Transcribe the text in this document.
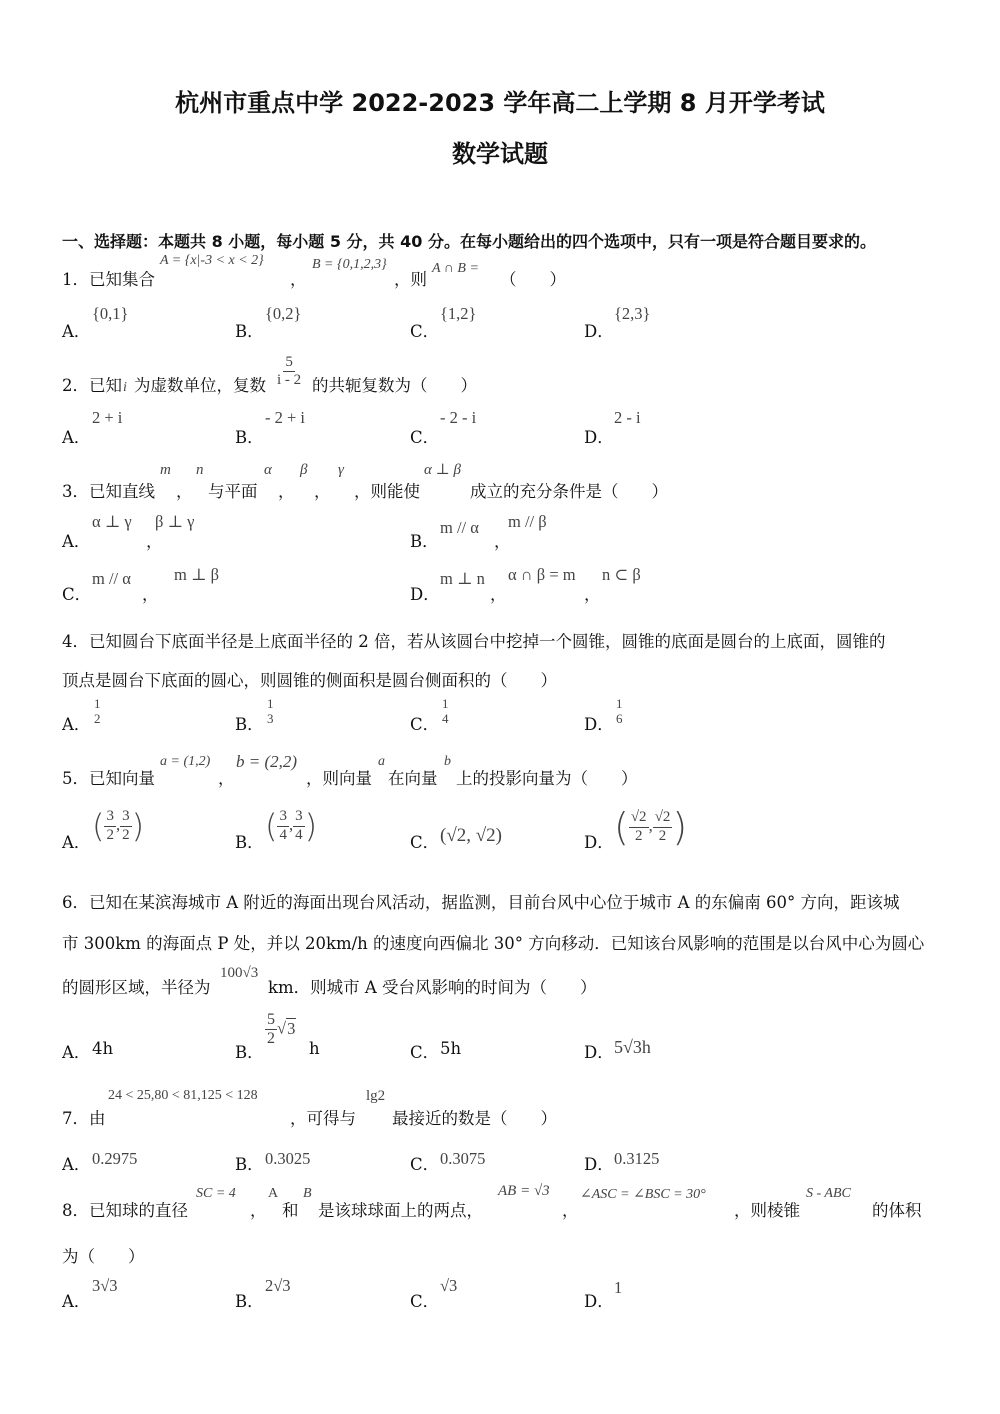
杭州市重点中学 2022-2023 学年高二上学期 8 月开学考试
数学试题
一、选择题：本题共 8 小题，每小题 5 分，共 40 分。在每小题给出的四个选项中，只有一项是符合题目要求的。
1．已知集合
A = {x|-3 < x < 2}
，
B = {0,1,2,3}
，则
A ∩ B =
（　　）
A．
{0,1}
B．
{0,2}
C．
{1,2}
D．
{2,3}
2．已知 i 为虚数单位，复数 $\frac{5}{i - 2}$ 的共轭复数为（　　）
A．
2 + i
B．
- 2 + i
C．
- 2 - i
D．
2 - i
3．已知直线
m
，
n
与平面
α
，
β
，
γ
，则能使
α ⊥ β
成立的充分条件是（　　）
A．
α ⊥ γ
，
β ⊥ γ
B．
m // α
，
m // β
C．
m // α
，
m ⊥ β
D．
m ⊥ n
，
α ∩ β = m
，
n ⊂ β
4．已知圆台下底面半径是上底面半径的 2 倍，若从该圆台中挖掉一个圆锥，圆锥的底面是圆台的上底面，圆锥的
顶点是圆台下底面的圆心，则圆锥的侧面积是圆台侧面积的（　　）
A．
1
2	B．
1
3	C．
1
4	D．
1
6
5．已知向量
a = (1,2)
，
b = (2,2)
，则向量
a
在向量
b
上的投影向量为（　　）
A． ( $\frac{3}{2}$ , $\frac{3}{2}$ )	B． ( $\frac{3}{4}$ , $\frac{3}{4}$ )	C． (√2, √2)	D． ( $\frac{√2}{2}$ , $\frac{√2}{2}$ )
6．已知在某滨海城市 A 附近的海面出现台风活动，据监测，目前台风中心位于城市 A 的东偏南 60° 方向，距该城
市 300km 的海面点 P 处，并以 20km/h 的速度向西偏北 30° 方向移动．已知该台风影响的范围是以台风中心为圆心
的圆形区域，半径为
100√3
km．则城市 A 受台风影响的时间为（　　）
A． 4h	B．
$\frac{5}{2} √3$
h	C． 5h	D． 5√3h
7．由
24 < 25,80 < 81,125 < 128
，可得与
lg2
最接近的数是（　　）
A． 0.2975	B． 0.3025	C． 0.3075	D． 0.3125
8．已知球的直径
SC = 4
，
A
和
B
是该球球面上的两点，
AB = √3
，
∠ASC = ∠BSC = 30°
，则棱锥
S - ABC
的体积
为（　　）
A．
3√3
B．
2√3
C．
√3
D．
1
